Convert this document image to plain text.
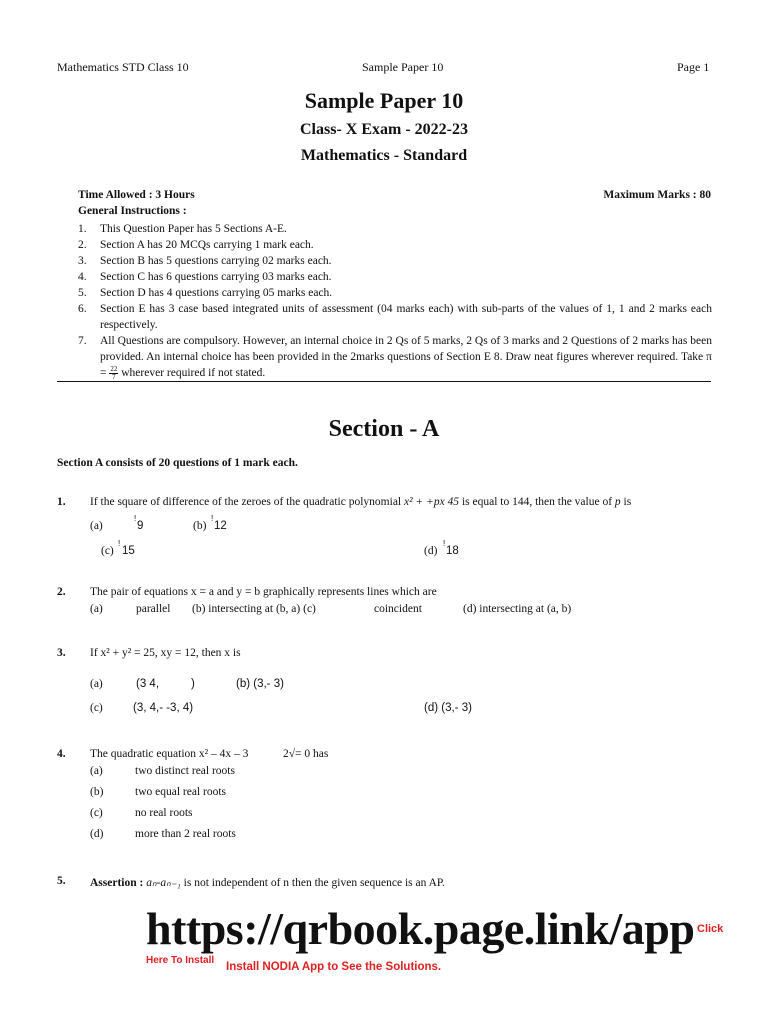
Mathematics STD Class 10	Sample Paper 10	Page 1
Sample Paper 10
Class- X Exam - 2022-23
Mathematics - Standard
Time Allowed : 3 Hours	Maximum Marks : 80
General Instructions :
1.	This Question Paper has 5 Sections A-E.
2.	Section A has 20 MCQs carrying 1 mark each.
3.	Section B has 5 questions carrying 02 marks each.
4.	Section C has 6 questions carrying 03 marks each.
5.	Section D has 4 questions carrying 05 marks each.
6.	Section E has 3 case based integrated units of assessment (04 marks each) with sub-parts of the values of 1, 1 and 2 marks each respectively.
7.	All Questions are compulsory. However, an internal choice in 2 Qs of 5 marks, 2 Qs of 3 marks and 2 Questions of 2 marks has been provided. An internal choice has been provided in the 2marks questions of Section E 8. Draw neat figures wherever required. Take $\pi = \frac{22}{7}$ wherever required if not stated.
Section - A
Section A consists of 20 questions of 1 mark each.
1. If the square of difference of the zeroes of the quadratic polynomial x² + +px 45 is equal to 144, then the value of p is
(a)
!
9	(b)
!
12
(c)
!
15	(d)
!
18
2. The pair of equations x = a and y = b graphically represents lines which are
(a)	parallel (b) intersecting at (b, a) (c)	coincident	(d) intersecting at (a, b)
3. If x² + y² = 25, xy = 12, then x is
(a)	(3 4,	)	(b) (3,- 3)
(c)	(3, 4,- -3, 4)	(d) (3,- 3)
4. The quadratic equation x² – 4x – 3	2√= 0 has
(a)	two distinct real roots
(b)	two equal real roots
(c)	no real roots
(d)	more than 2 real roots
5. Assertion : aₙ-aₙ₋₁ is not independent of n then the given sequence is an AP.
https://qrbook.page.link/app Click
Here To Install
Install NODIA App to See the Solutions.
